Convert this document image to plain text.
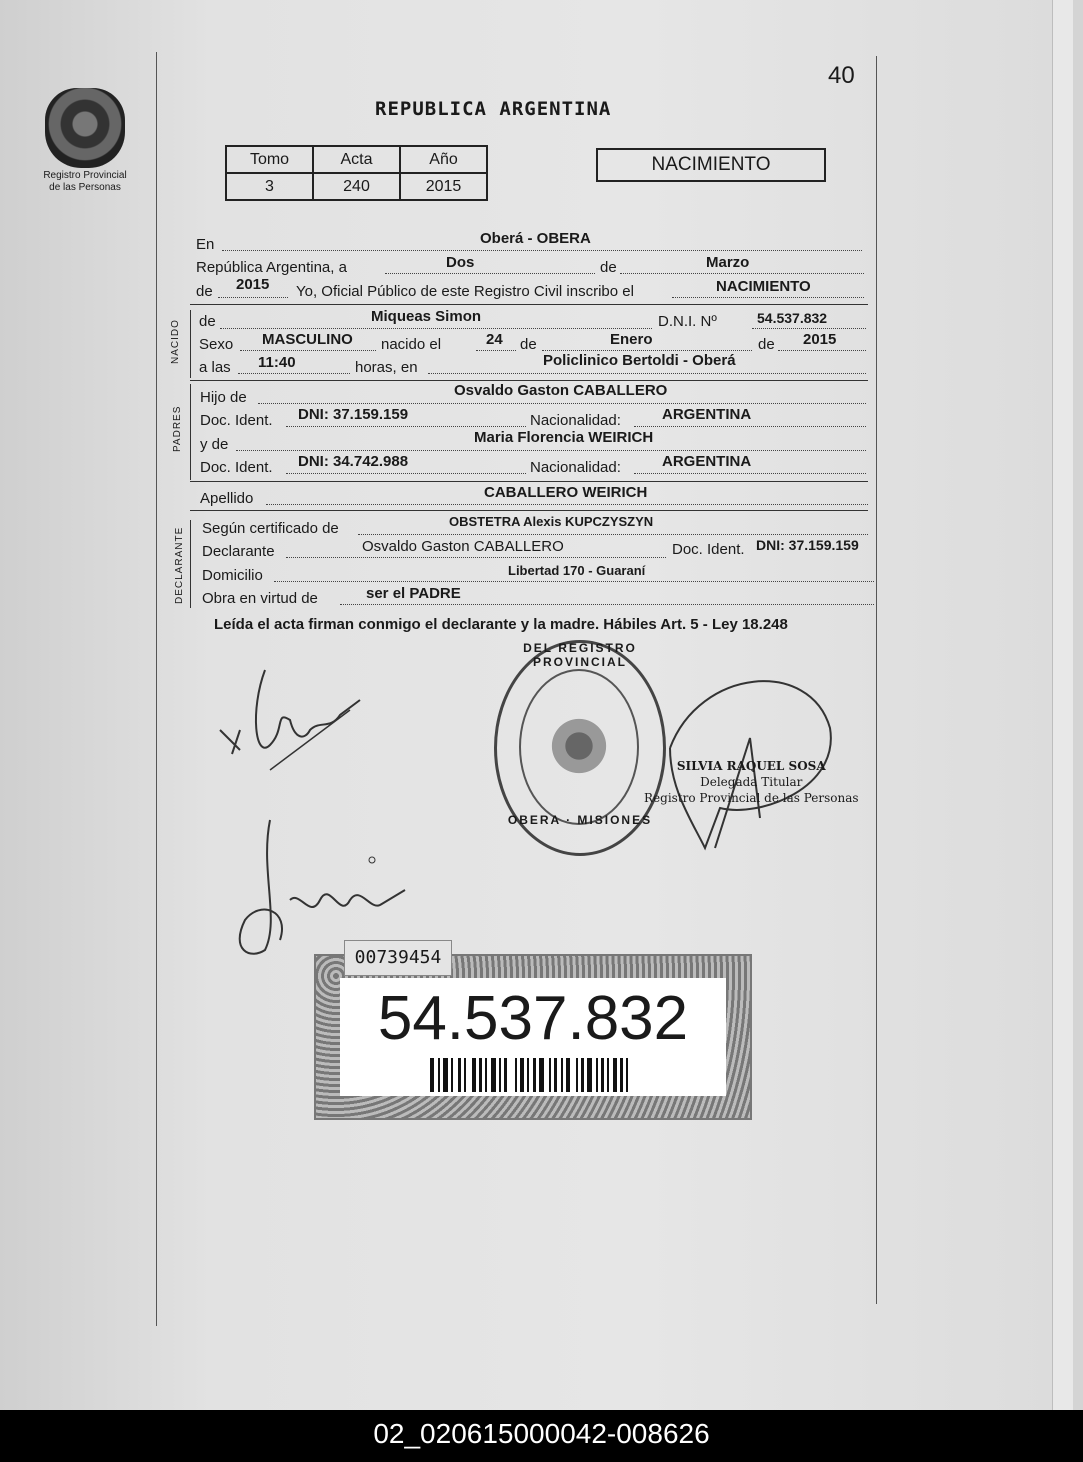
Registro Provincial
de las Personas
40
REPUBLICA ARGENTINA
Tomo	Acta	Año
3	240	2015
NACIMIENTO
En	Oberá - OBERA
República Argentina, a	Dos	de	Marzo
de 2015 Yo, Oficial Público de este Registro Civil inscribo el	NACIMIENTO
NACIDO de	Miqueas Simon	D.N.I. Nº	54.537.832
Sexo MASCULINO nacido el	24 de	Enero	de 2015
a las 11:40	horas, en	Policlinico Bertoldi - Oberá
PADRES
Hijo de	Osvaldo Gaston CABALLERO
Doc. Ident. DNI: 37.159.159	Nacionalidad:	ARGENTINA
y de	Maria Florencia WEIRICH
Doc. Ident. DNI: 34.742.988	Nacionalidad:	ARGENTINA
Apellido	CABALLERO WEIRICH
DECLARANTE Según certificado de	OBSTETRA Alexis KUPCZYSZYN
Declarante	Osvaldo Gaston CABALLERO	Doc. Ident. DNI: 37.159.159
Domicilio	Libertad 170 - Guaraní
Obra en virtud de	ser el PADRE
Leída el acta firman conmigo el declarante y la madre. Hábiles Art. 5 - Ley 18.248
DEL REGISTRO PROVINCIAL
OBERA · MISIONES
SILVIA RAQUEL SOSA
Delegada Titular
Registro Provincial de las Personas
54.537.832
00739454
02_020615000042-008626
